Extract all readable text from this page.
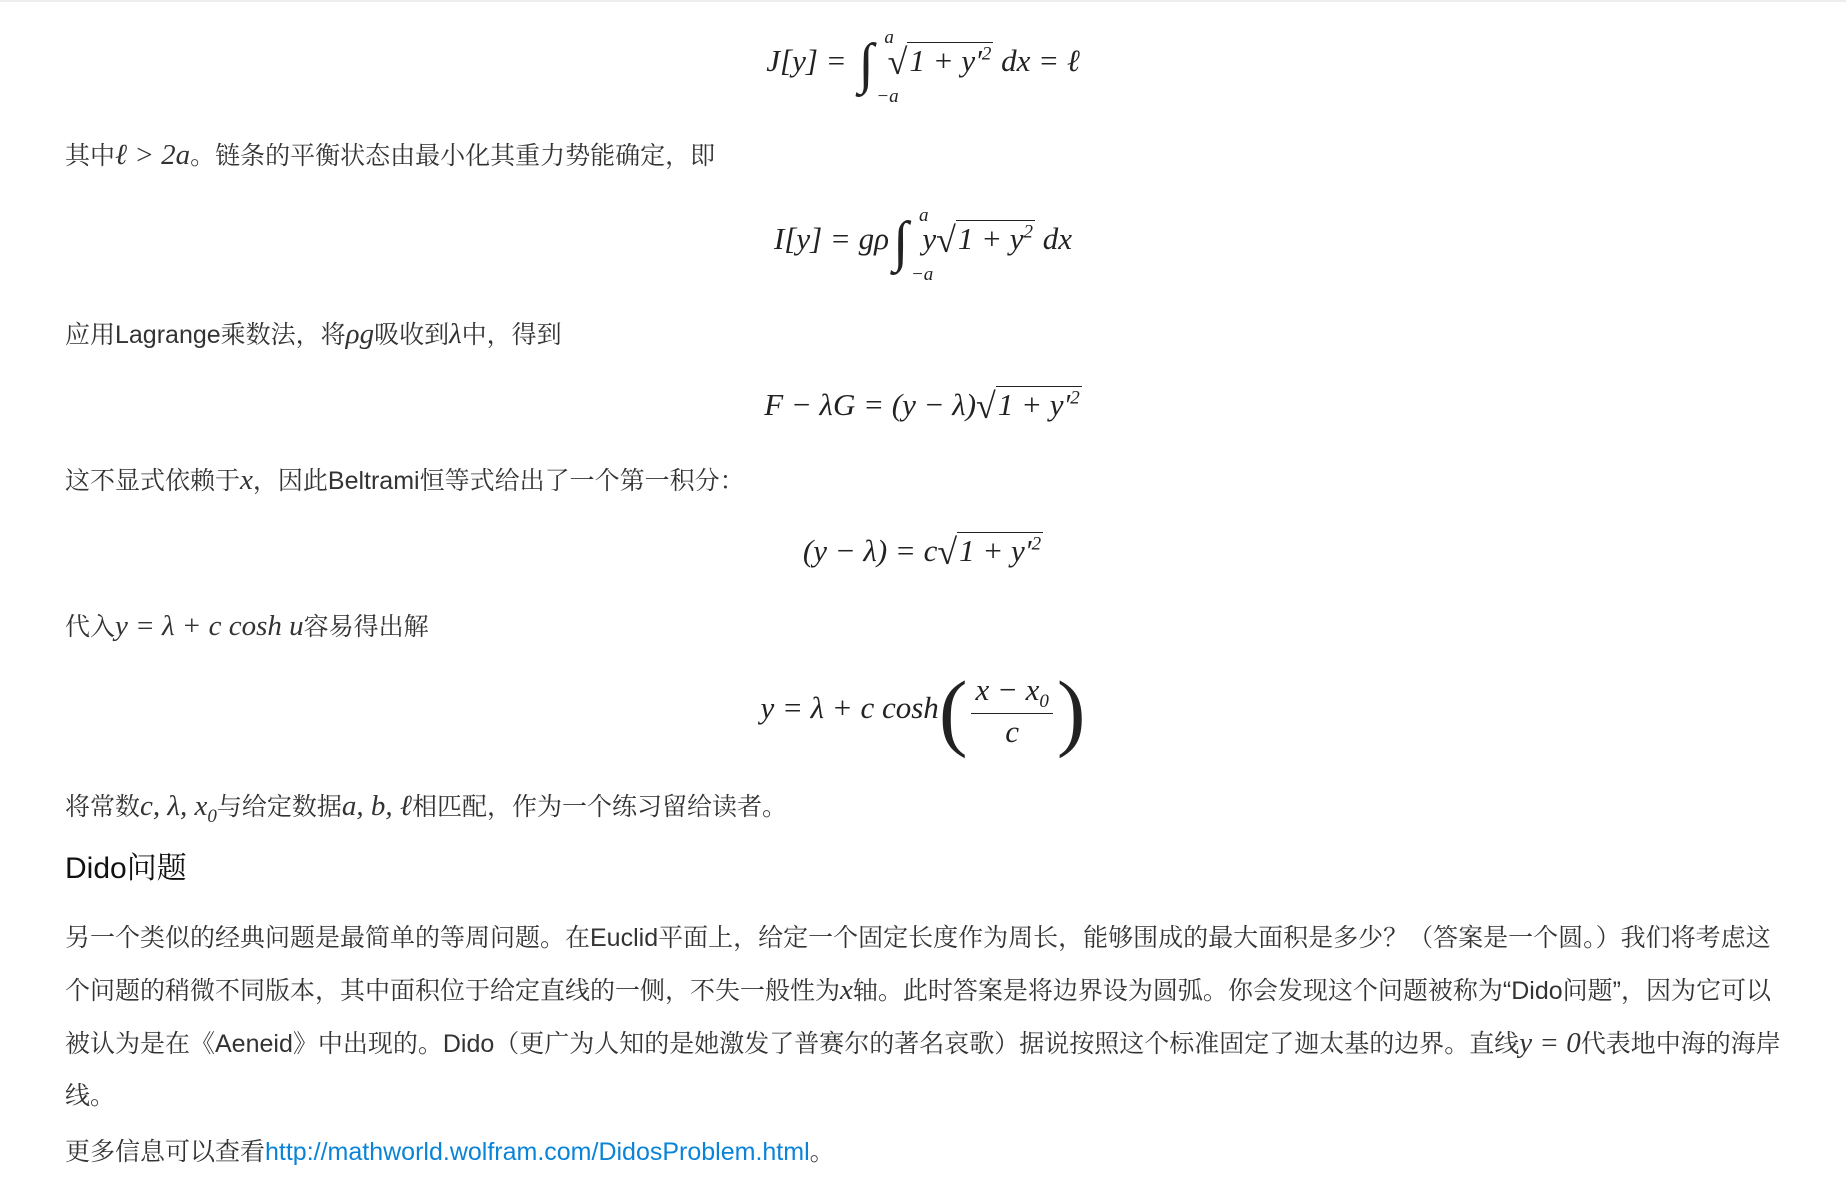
J[y] = ∫ a
−a
$√1 + y'^2$ dx = ℓ
其中ℓ > 2a。链条的平衡状态由最小化其重力势能确定，即
I[y] = gρ∫ a
−a
$y√1 + y^2$ dx
应用Lagrange乘数法，将ρg吸收到λ中，得到
$F - \lambda G = (y - \lambda)√1 + y'^2$
这不显式依赖于x，因此Beltrami恒等式给出了一个第一积分：
$(y - \lambda) = c√1 + y'^2$
代入y = λ + c cosh u容易得出解
y = λ + c $\cosh( \frac{x - x_0}{c}$ )
将常数c, λ, $x_0$与给定数据a, b, ℓ相匹配，作为一个练习留给读者。
Dido问题
另一个类似的经典问题是最简单的等周问题。在Euclid平面上，给定一个固定长度作为周长，能够围成的最大面积是多少？（答案是一个圆。）我们将考虑这个问题的稍微不同版本，其中面积位于给定直线的一侧，不失一般性为x轴。此时答案是将边界设为圆弧。你会发现这个问题被称为“Dido问题”，因为它可以被认为是在《Aeneid》中出现的。Dido（更广为人知的是她激发了普赛尔的著名哀歌）据说按照这个标准固定了迦太基的边界。直线y = 0代表地中海的海岸线。
更多信息可以查看http://mathworld.wolfram.com/DidosProblem.html。
